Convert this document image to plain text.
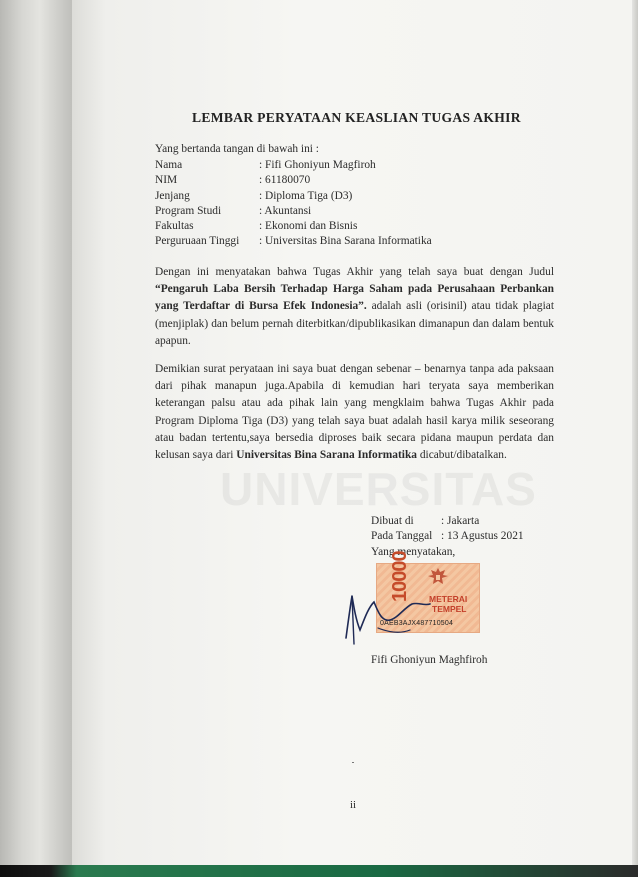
UNIVERSITAS
LEMBAR PERYATAAN KEASLIAN TUGAS AKHIR
Yang bertanda tangan di bawah ini :
Nama	: Fifi Ghoniyun Magfiroh
NIM	: 61180070
Jenjang	: Diploma Tiga (D3)
Program Studi	: Akuntansi
Fakultas	: Ekonomi dan Bisnis
Perguruaan Tinggi : Universitas Bina Sarana Informatika
Dengan ini menyatakan bahwa Tugas Akhir yang telah saya buat dengan Judul “Pengaruh Laba Bersih Terhadap Harga Saham pada Perusahaan Perbankan yang Terdaftar di Bursa Efek Indonesia”. adalah asli (orisinil) atau tidak plagiat (menjiplak) dan belum pernah diterbitkan/dipublikasikan dimanapun dan dalam bentuk apapun.
Demikian surat peryataan ini saya buat dengan sebenar – benarnya tanpa ada paksaan dari pihak manapun juga.Apabila di kemudian hari teryata saya memberikan keterangan palsu atau ada pihak lain yang mengklaim bahwa Tugas Akhir pada Program Diploma Tiga (D3) yang telah saya buat adalah hasil karya milik seseorang atau badan tertentu,saya bersedia diproses baik secara pidana maupun perdata dan kelusan saya dari Universitas Bina Sarana Informatika dicabut/dibatalkan.
Dibuat di : Jakarta
Pada Tanggal : 13 Agustus 2021
Yang menyatakan,
10000 METERAI
TEMPEL
0AEB3AJX487710504
Fifi Ghoniyun Maghfiroh
ii
